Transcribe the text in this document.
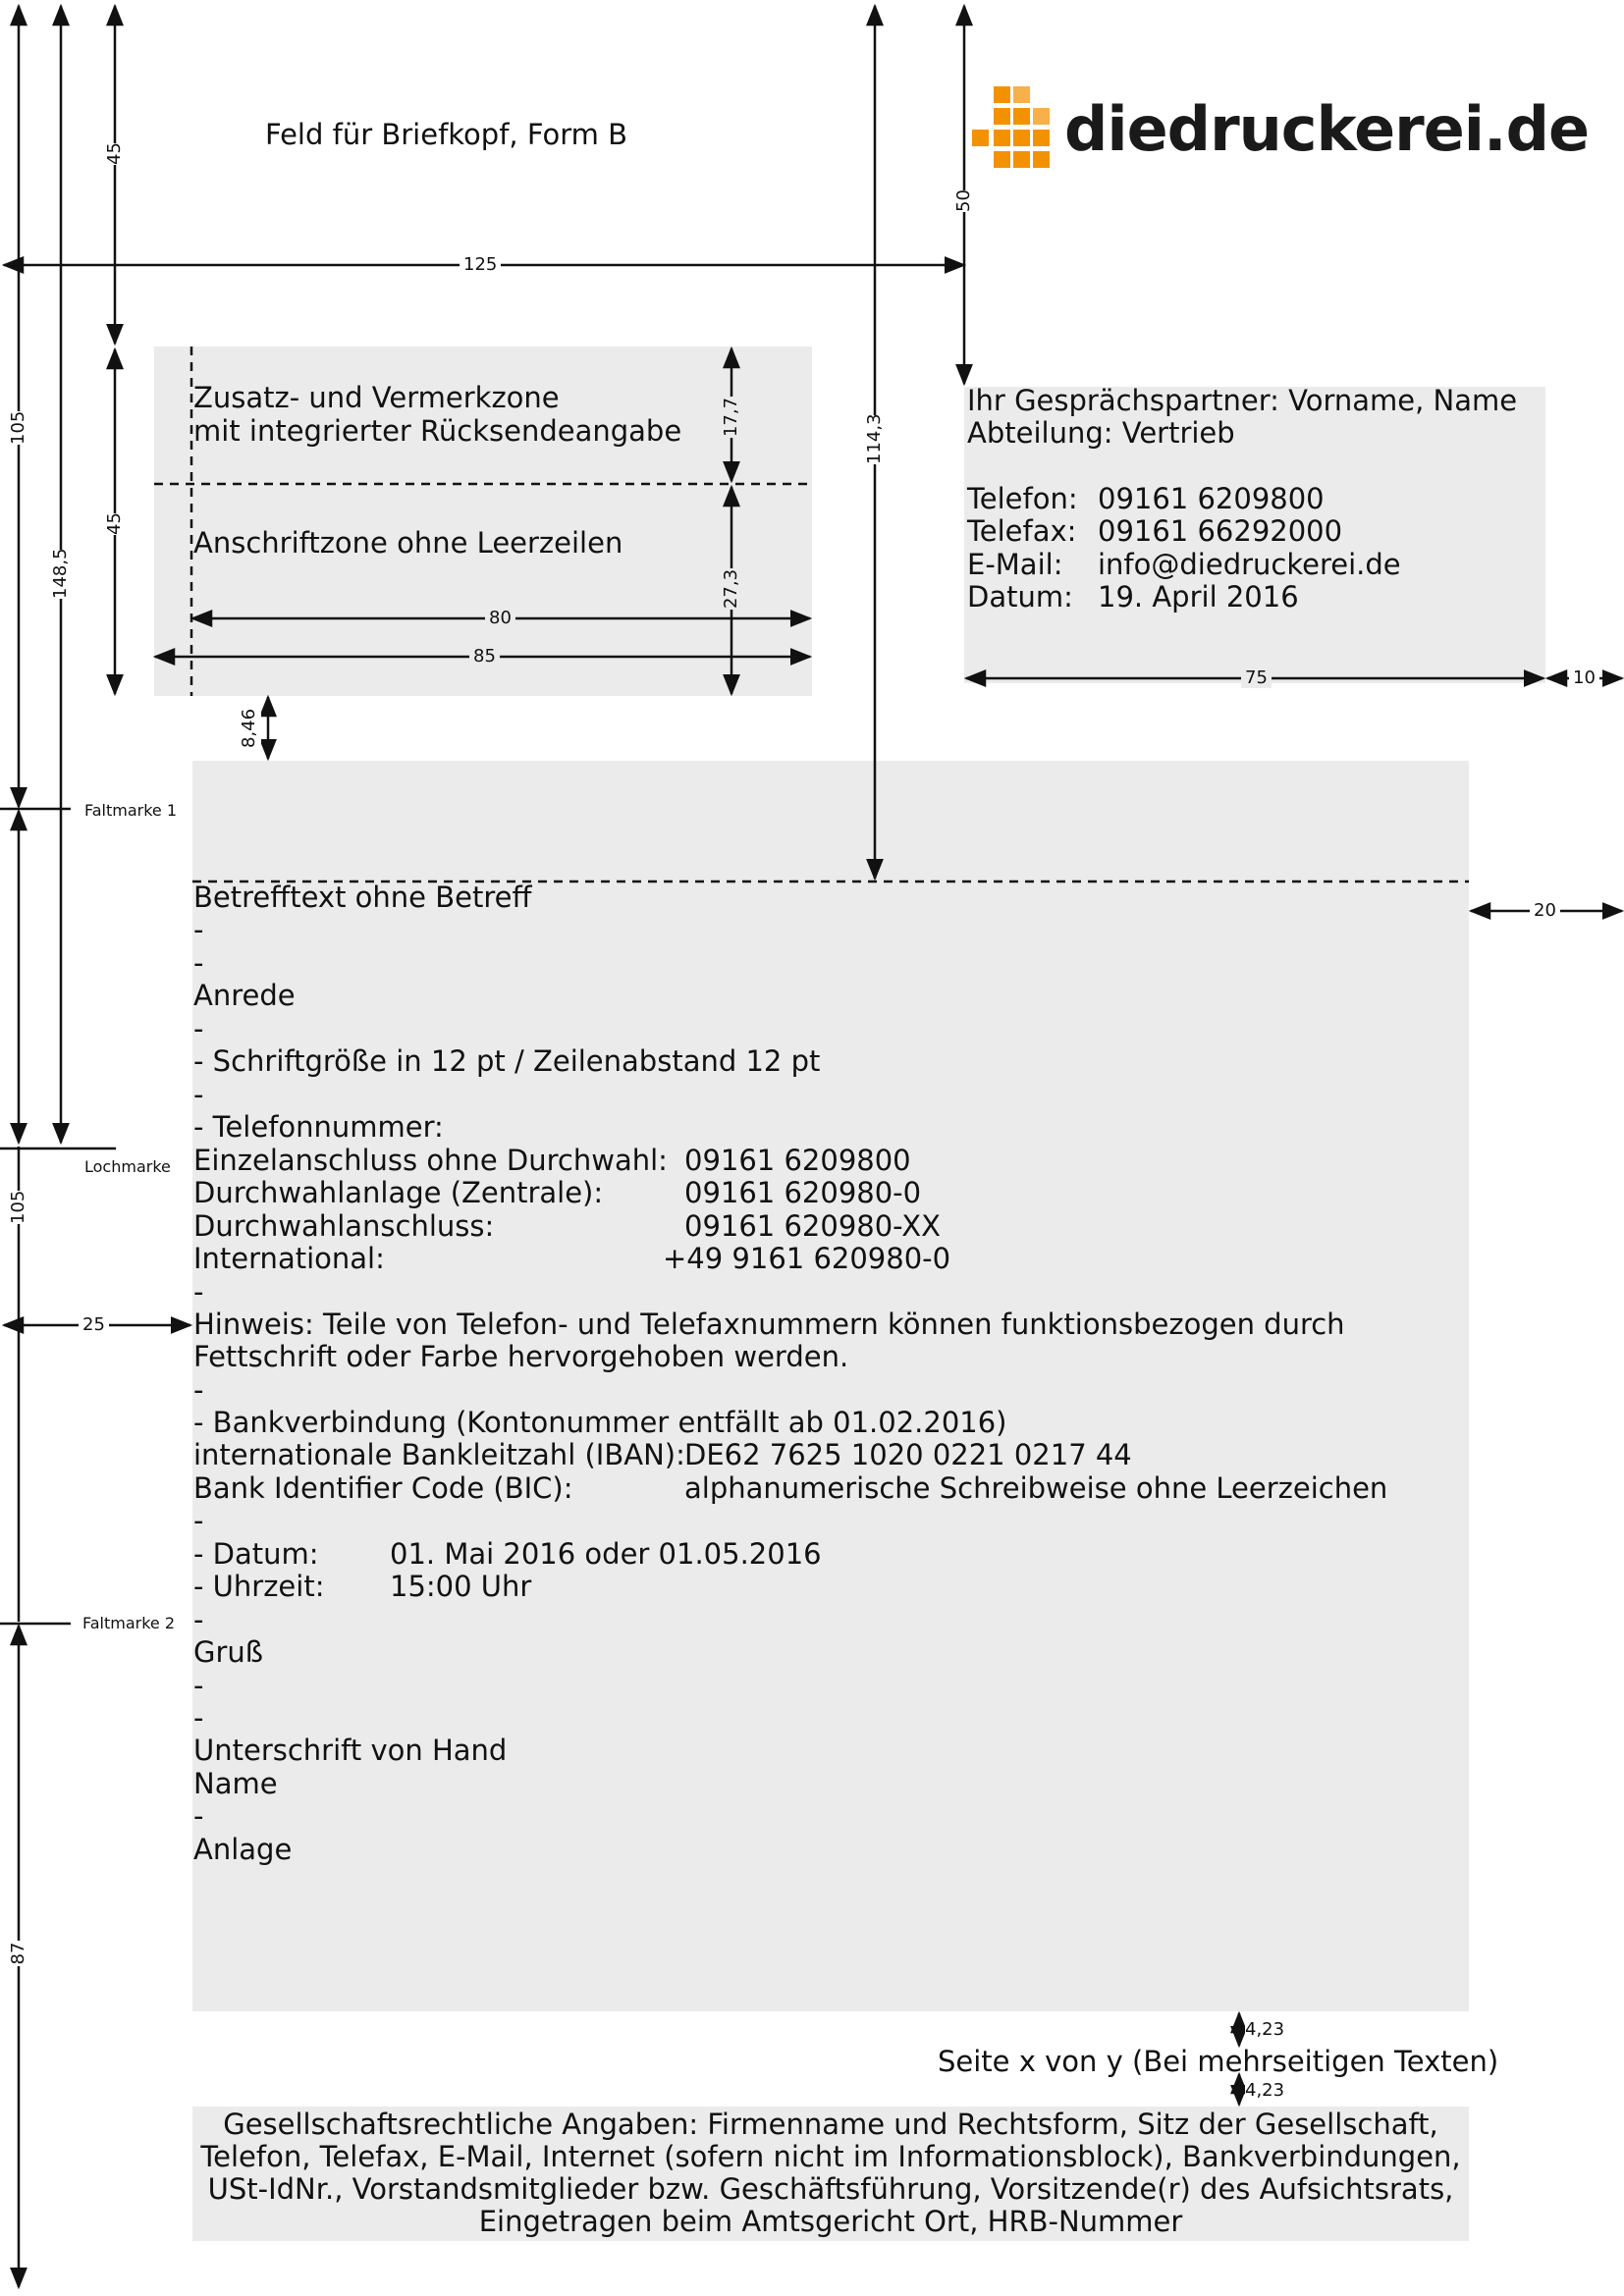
45
125
50
105
148,5
45
17,7
27,3
114,3
80
85
75	10
8,46
20
105
25
87
4,23
4,23
Faltmarke 1
Lochmarke
Faltmarke 2
Feld für Briefkopf, Form B	diedruckerei.de
Zusatz- und Vermerkzone
mit integrierter Rücksendeangabe
Anschriftzone ohne Leerzeilen
Ihr Gesprächspartner: Vorname, Name
Abteilung: Vertrieb
Telefon: 09161 6209800
Telefax: 09161 66292000
E-Mail: info@diedruckerei.de
Datum: 19. April 2016
Betrefftext ohne Betreff
-
-
Anrede
-
- Schriftgröße in 12 pt / Zeilenabstand 12 pt
-
- Telefonnummer:
Einzelanschluss ohne Durchwahl: 09161 6209800
Durchwahlanlage (Zentrale):	09161 620980-0
Durchwahlanschluss:	09161 620980-XX
International:	+49 9161 620980-0
-
Hinweis: Teile von Telefon- und Telefaxnummern können funktionsbezogen durch
Fettschrift oder Farbe hervorgehoben werden.
-
- Bankverbindung (Kontonummer entfällt ab 01.02.2016)
internationale Bankleitzahl (IBAN): DE62 7625 1020 0221 0217 44
Bank Identifier Code (BIC):	alphanumerische Schreibweise ohne Leerzeichen
-
- Datum: 01. Mai 2016 oder 01.05.2016
- Uhrzeit: 15:00 Uhr
-
Gruß
-
-
Unterschrift von Hand
Name
-
Anlage
Seite x von y (Bei mehrseitigen Texten)
Gesellschaftsrechtliche Angaben: Firmenname und Rechtsform, Sitz der Gesellschaft,
Telefon, Telefax, E-Mail, Internet (sofern nicht im Informationsblock), Bankverbindungen,
USt-IdNr., Vorstandsmitglieder bzw. Geschäftsführung, Vorsitzende(r) des Aufsichtsrats,
Eingetragen beim Amtsgericht Ort, HRB-Nummer
